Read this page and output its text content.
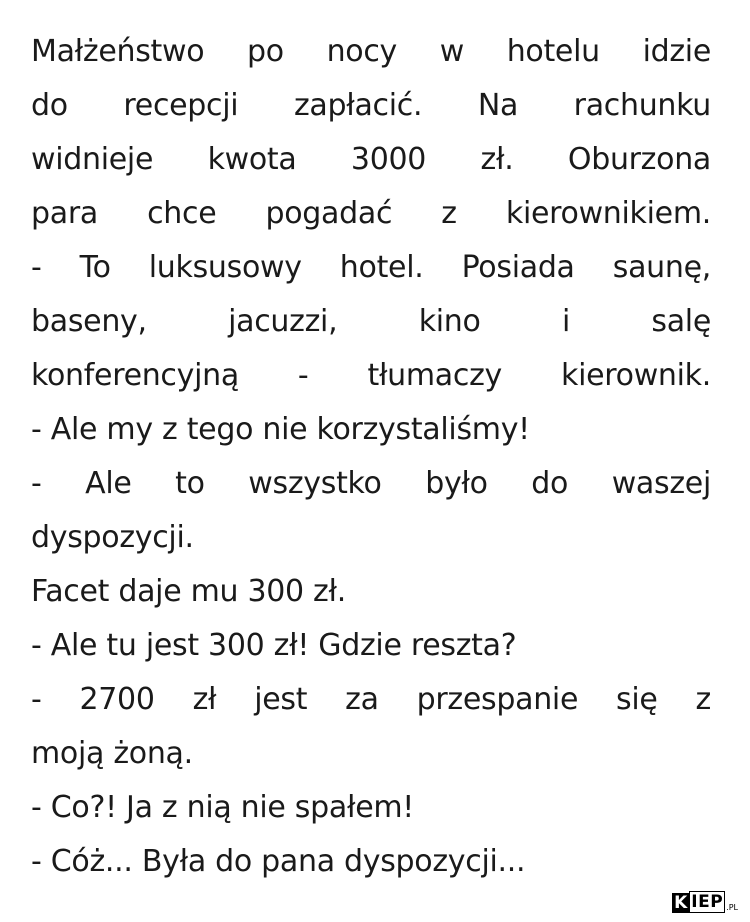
Małżeństwo po nocy w hotelu idzie
do recepcji zapłacić. Na rachunku
widnieje kwota 3000 zł. Oburzona
para chce pogadać z kierownikiem.
- To luksusowy hotel. Posiada saunę,
baseny, jacuzzi, kino i salę
konferencyjną - tłumaczy kierownik.
- Ale my z tego nie korzystaliśmy!
- Ale to wszystko było do waszej
dyspozycji.
Facet daje mu 300 zł.
- Ale tu jest 300 zł! Gdzie reszta?
- 2700 zł jest za przespanie się z
moją żoną.
- Co?! Ja z nią nie spałem!
- Cóż... Była do pana dyspozycji...
K IEP .PL
